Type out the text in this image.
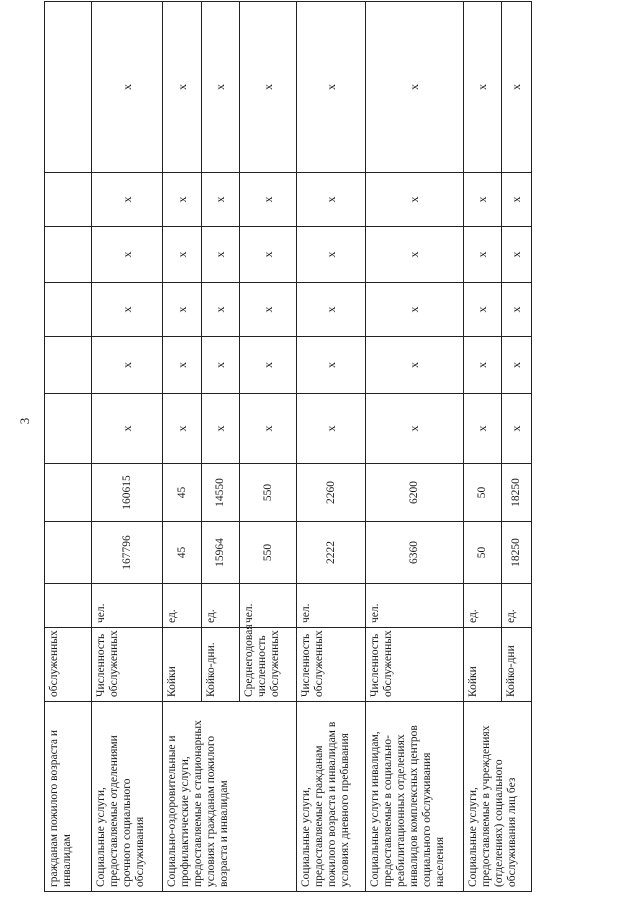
3
гражданам пожилого возраста и инвалидам	обслуженных									
Социальные услуги, предоставляемые отделениями срочного социального обслуживания	Численность обслуженных	чел.	167796	160615	х	х	х	х	х	х
Социально-оздоровительные и профилактические услуги, предоставляемые в стационарных условиях гражданам пожилого возраста и инвалидам	Койки	ед.	45	45	х	х	х	х	х	х
	Койко-дни.	ед.	15964	14550	х	х	х	х	х	х
	Среднегодовая численность обслуженных	чел.	550	550	х	х	х	х	х	х
Социальные услуги, предоставляемые гражданам пожилого возраста и инвалидам в условиях дневного пребывания	Численность обслуженных	чел.	2222	2260	х	х	х	х	х	х
Социальные услуги инвалидам, предоставляемые в социально-реабилитационных отделениях инвалидов комплексных центров социального обслуживания населения	Численность обслуженных	чел.	6360	6200	х	х	х	х	х	х
Социальные услуги, предоставляемые в учреждениях (отделениях) социального обслуживания лиц без	Койки	ед.	50	50	х	х	х	х	х	х
	Койко-дни	ед.	18250	18250	х	х	х	х	х	х
